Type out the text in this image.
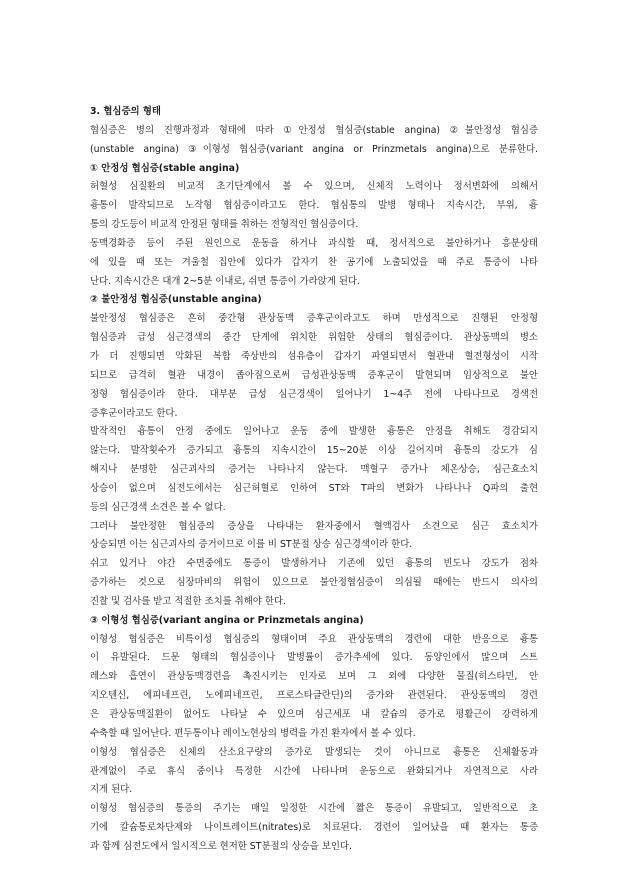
3. 협심증의 형태
협심증은 병의 진행과정과 형태에 따라 ①안정성 협심증(stable angina) ②불안정성 협심증
(unstable angina) ③이형성 협심증(variant angina or Prinzmetals angina)으로 분류한다.
① 안정성 협심증(stable angina)
허혈성 심질환의 비교적 초기단계에서 볼 수 있으며, 신체적 노력이나 정서변화에 의해서
흉통이 발작되므로 노작형 협심증이라고도 한다. 협심통의 발병 형태나 지속시간, 부위, 흉
통의 강도등이 비교적 안정된 형태를 취하는 전형적인 협심증이다.
동맥경화증 등이 주된 원인으로 운동을 하거나 과식할 때, 정서적으로 불안하거나 흥분상태
에 있을 때 또는 겨울철 집안에 있다가 갑자기 찬 공기에 노출되었을 때 주로 통증이 나타
난다. 지속시간은 대개 2~5분 이내로, 쉬면 통증이 가라앉게 된다.
② 불안정성 협심증(unstable angina)
불안정성 협심증은 흔히 중간형 관상동맥 증후군이라고도 하며 만성적으로 진행된 안정형
협심증과 급성 심근경색의 중간 단계에 위치한 위험한 상태의 협심증이다. 관상동맥의 병소
가 더 진행되면 악화된 복합 죽상반의 섬유층이 갑자기 파열되면서 혈관내 혈전형성이 시작
되므로 급격히 혈관 내경이 좁아짐으로써 급성관상동맥 증후군이 발현되며 임상적으로 불안
정형 협심증이라 한다. 대부분 급성 심근경색이 일어나기 1~4주 전에 나타나므로 경색전
증후군이라고도 한다.
발작적인 흉통이 안정 중에도 일어나고 운동 중에 발생한 흉통은 안정을 취해도 경감되지
않는다. 발작횟수가 증가되고 흉통의 지속시간이 15~20분 이상 길어지며 흉통의 강도가 심
해지나 분명한 심근괴사의 증거는 나타나지 않는다. 맥혈구 증가나 체온상승, 심근효소치
상승이 없으며 심전도에서는 심근허혈로 인하여 ST와 T파의 변화가 나타나나 Q파의 출현
등의 심근경색 소견은 볼 수 없다.
그러나 불안정한 협심증의 증상을 나타내는 환자중에서 혈액검사 소견으로 심근 효소치가
상승되면 이는 심근괴사의 증거이므로 이를 비 ST분절 상승 심근경색이라 한다.
쉬고 있거나 야간 수면중에도 통증이 발생하거나 기존에 있던 흉통의 빈도나 강도가 점차
증가하는 것으로 심장마비의 위험이 있으므로 불안정협심증이 의심될 때에는 반드시 의사의
진찰 및 검사를 받고 적절한 조치를 취해야 한다.
③ 이형성 협심증(variant angina or Prinzmetals angina)
이형성 협심증은 비특이성 협심증의 형태이며 주요 관상동맥의 경련에 대한 반응으로 흉통
이 유발된다. 드문 형태의 협심증이나 발병률이 증가추세에 있다. 동양인에서 많으며 스트
레스와 흡연이 관상동맥경련을 촉진시키는 인자로 보며 그 외에 다양한 물질(히스타민, 안
지오텐신, 에피네프린, 노에피네프린, 프로스타글란딘)의 증가와 관련된다. 관상동맥의 경련
은 관상동맥질환이 없어도 나타날 수 있으며 심근세포 내 칼슘의 증가로 평활근이 강력하게
수축할 때 일어난다. 편두통이나 레이노현상의 병력을 가진 환자에서 볼 수 있다.
이형성 협심증은 신체의 산소요구량의 증가로 발생되는 것이 아니므로 흉통은 신체활동과
관계없이 주로 휴식 중이나 특정한 시간에 나타나며 운동으로 완화되거나 자연적으로 사라
지게 된다.
이형성 협심증의 통증의 주기는 매일 일정한 시간에 짧은 통증이 유발되고, 일반적으로 초
기에 칼슘통로차단제와 나이트레이트(nitrates)로 치료된다. 경련이 일어났을 때 환자는 통증
과 함께 심전도에서 일시적으로 현저한 ST분절의 상승을 보인다.
